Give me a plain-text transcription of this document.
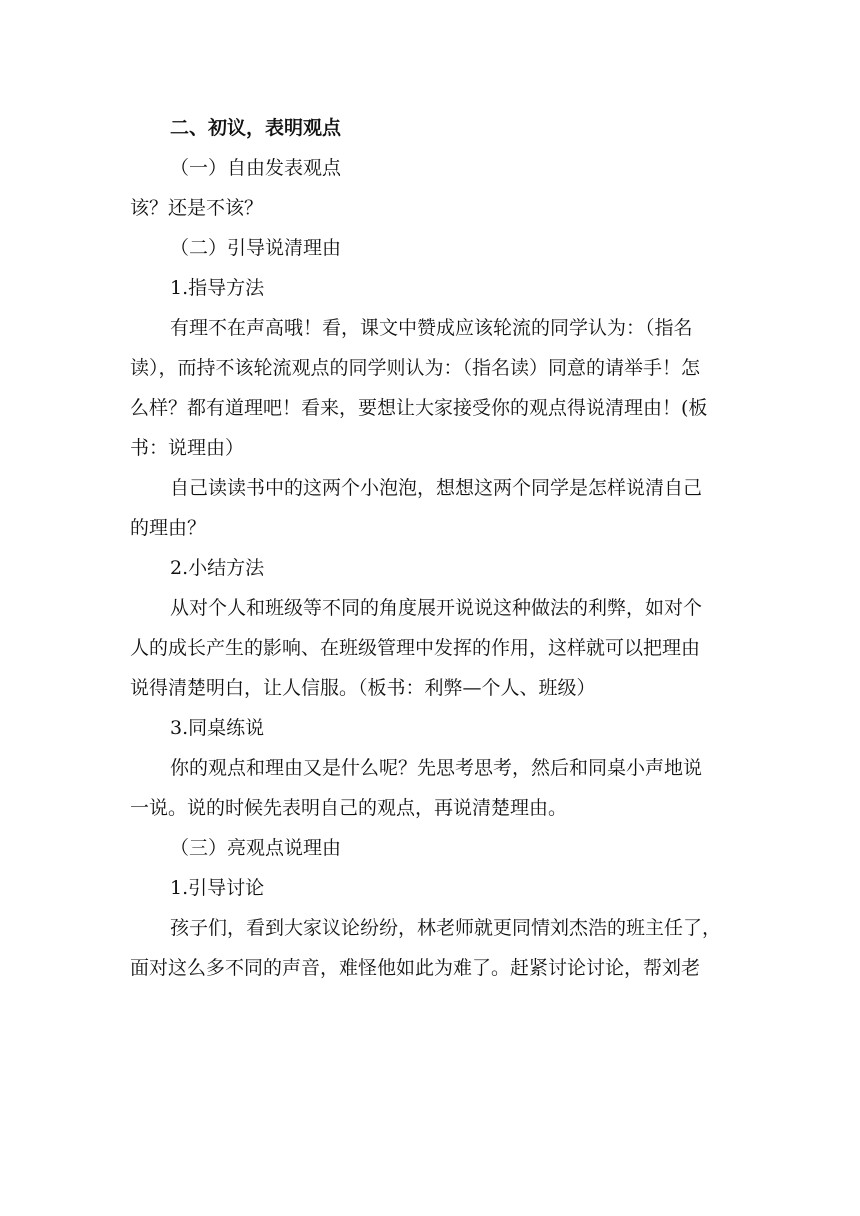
二、初议，表明观点

（一）自由发表观点

该？还是不该？

（二）引导说清理由

1.指导方法

有理不在声高哦！看，课文中赞成应该轮流的同学认为：（指名

读），而持不该轮流观点的同学则认为：（指名读）同意的请举手！怎

么样？都有道理吧！看来，要想让大家接受你的观点得说清理由！(板

书：说理由）

自己读读书中的这两个小泡泡，想想这两个同学是怎样说清自己

的理由？

2.小结方法

从对个人和班级等不同的角度展开说说这种做法的利弊，如对个

人的成长产生的影响、在班级管理中发挥的作用，这样就可以把理由

说得清楚明白，让人信服。（板书：利弊—个人、班级）

3.同桌练说

你的观点和理由又是什么呢？先思考思考，然后和同桌小声地说

一说。说的时候先表明自己的观点，再说清楚理由。

（三）亮观点说理由

1.引导讨论

孩子们，看到大家议论纷纷，林老师就更同情刘杰浩的班主任了，

面对这么多不同的声音，难怪他如此为难了。赶紧讨论讨论，帮刘老
